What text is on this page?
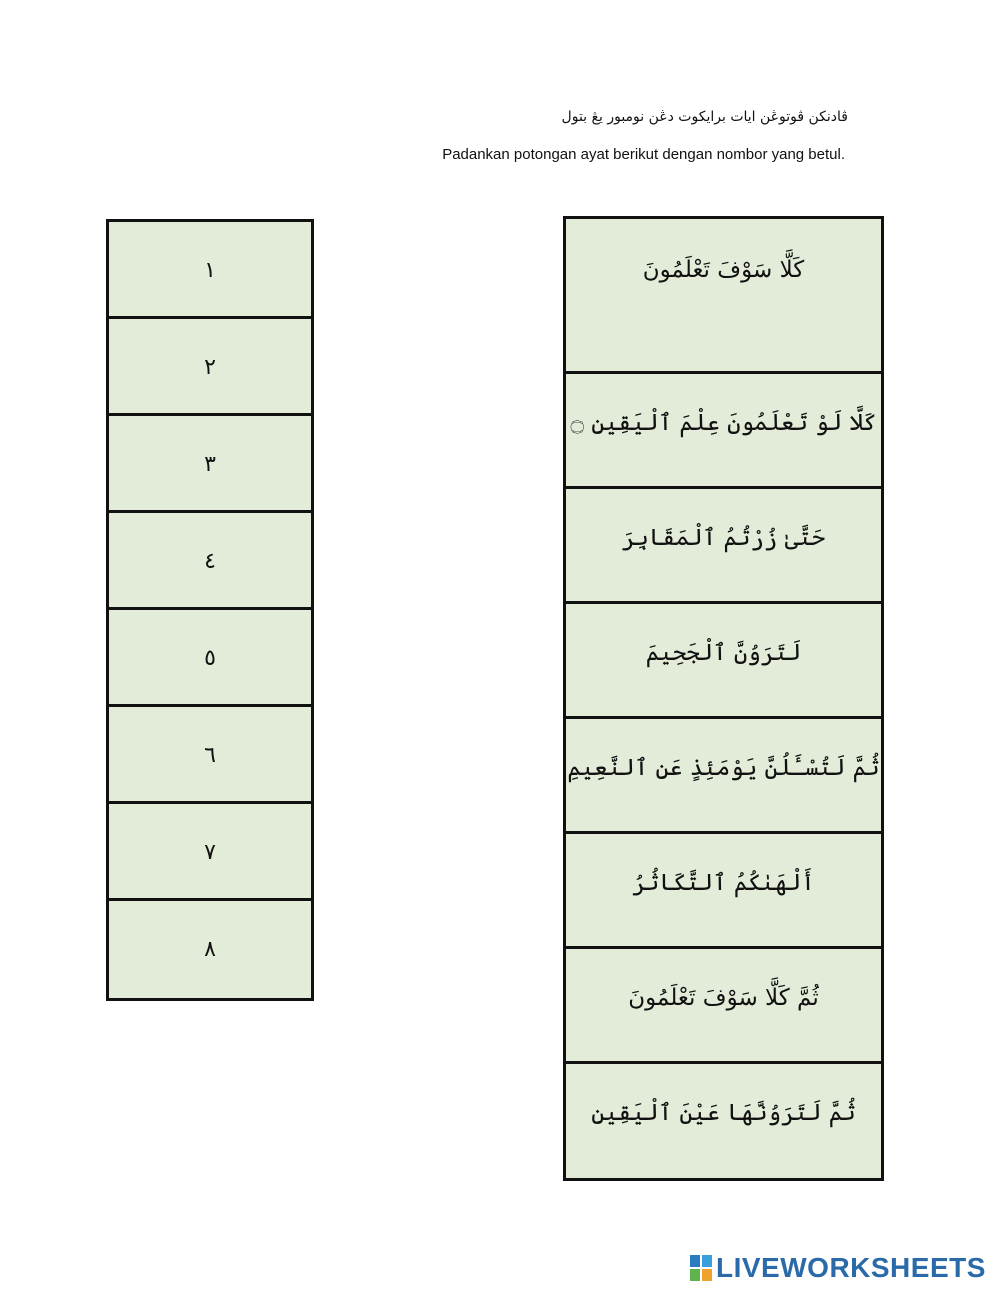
ڤادنكن ڤوتوڠن ايات برايكوت دڠن نومبور يڠ بتول
Padankan potongan ayat berikut dengan nombor yang betul.
١
٢
٣
٤
٥
٦
٧
٨
كَلَّا سَوْفَ تَعْلَمُونَ
كَلَّا لَوْ تَعْلَمُونَ عِلْمَ ٱلْيَقِينِ ۝
حَتَّىٰ زُرْتُمُ ٱلْمَقَابِرَ
لَتَرَوُنَّ ٱلْجَحِيمَ
ثُمَّ لَتُسْـَٔلُنَّ يَوْمَئِذٍ عَنِ ٱلنَّعِيمِ
أَلْهَىٰكُمُ ٱلتَّكَاثُرُ
ثُمَّ كَلَّا سَوْفَ تَعْلَمُونَ
ثُمَّ لَتَرَوُنَّهَا عَيْنَ ٱلْيَقِينِ
LIVEWORKSHEETS
